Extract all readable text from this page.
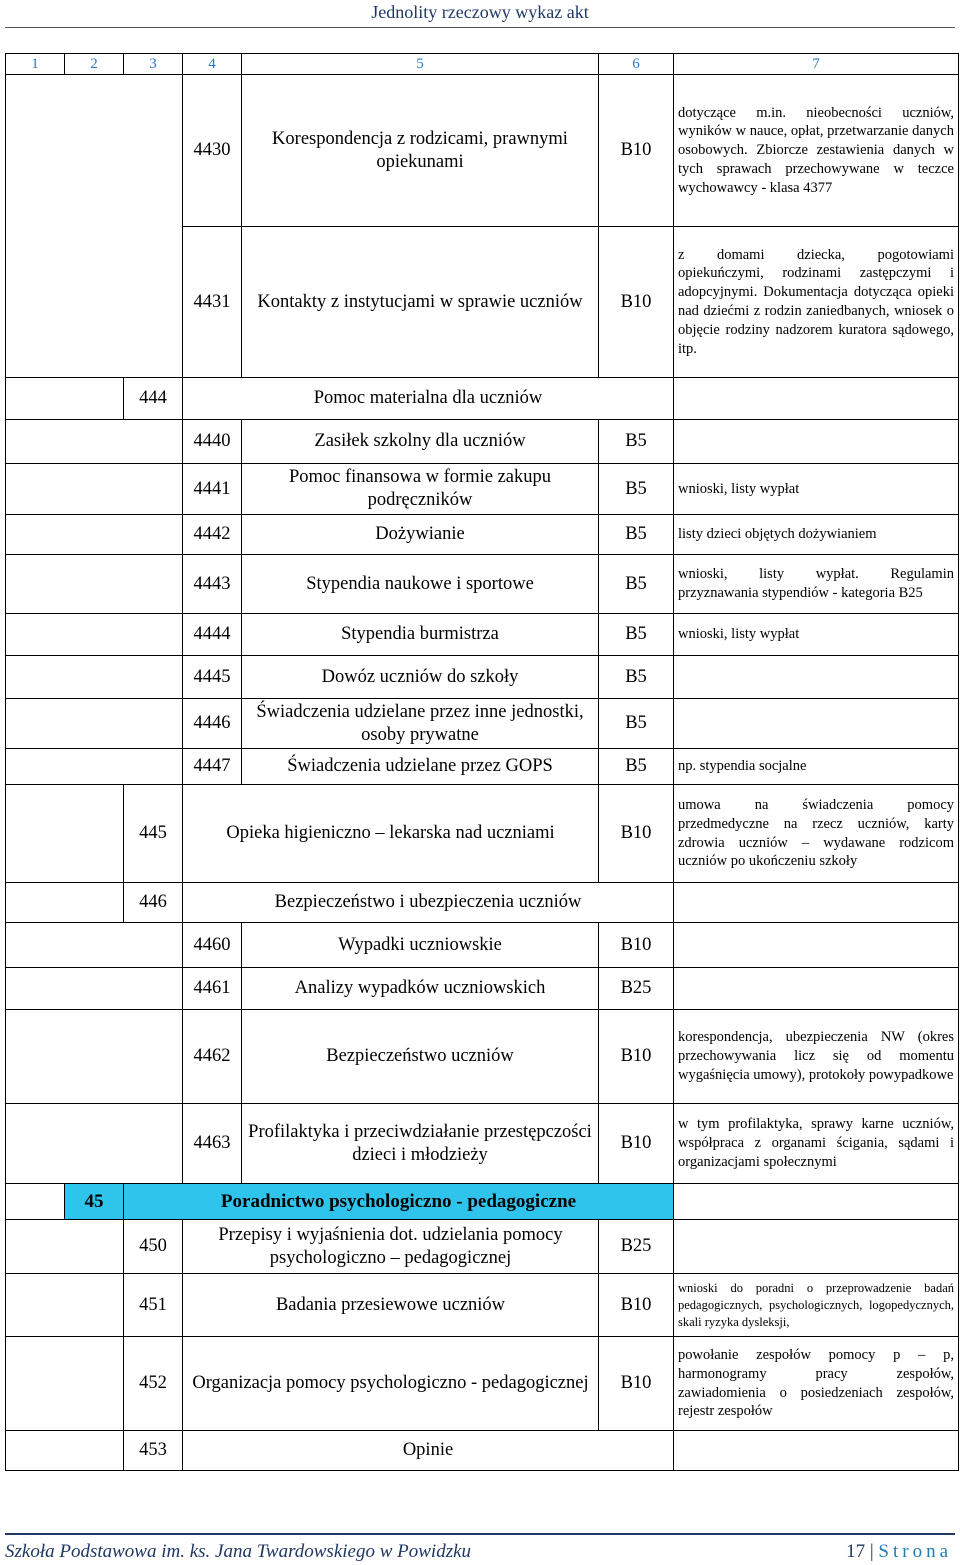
Jednolity rzeczowy wykaz akt
1	2	3	4	5	6	7
			4430	Korespondencja z rodzicami, prawnymi opiekunami	B10	dotyczące m.in. nieobecności uczniów, wyników w nauce, opłat, przetwarzanie danych osobowych. Zbiorcze zestawienia danych w tych sprawach przechowywane w teczce wychowawcy - klasa 4377
			4431	Kontakty z instytucjami w sprawie uczniów	B10	z domami dziecka, pogotowiami opiekuńczymi, rodzinami zastępczymi i adopcyjnymi. Dokumentacja dotycząca opieki nad dziećmi z rodzin zaniedbanych, wniosek o objęcie rodziny nadzorem kuratora sądowego, itp.
		444	Pomoc materialna dla uczniów			
			4440	Zasiłek szkolny dla uczniów	B5	
			4441	Pomoc finansowa w formie zakupu podręczników	B5	wnioski, listy wypłat
			4442	Dożywianie	B5	listy dzieci objętych dożywianiem
			4443	Stypendia naukowe i sportowe	B5	wnioski, listy wypłat. Regulamin przyznawania stypendiów - kategoria B25
			4444	Stypendia burmistrza	B5	wnioski, listy wypłat
			4445	Dowóz uczniów do szkoły	B5	
			4446	Świadczenia udzielane przez inne jednostki, osoby prywatne	B5	
			4447	Świadczenia udzielane przez GOPS	B5	np. stypendia socjalne
		445	Opieka higieniczno – lekarska nad uczniami		B10	umowa na świadczenia pomocy przedmedyczne na rzecz uczniów, karty zdrowia uczniów – wydawane rodzicom uczniów po ukończeniu szkoły
		446	Bezpieczeństwo i ubezpieczenia uczniów			
			4460	Wypadki uczniowskie	B10	
			4461	Analizy wypadków uczniowskich	B25	
			4462	Bezpieczeństwo uczniów	B10	korespondencja, ubezpieczenia NW (okres przechowywania licz się od momentu wygaśnięcia umowy), protokoły powypadkowe
			4463	Profilaktyka i przeciwdziałanie przestępczości dzieci i młodzieży	B10	w tym profilaktyka, sprawy karne uczniów, współpraca z organami ścigania, sądami i organizacjami społecznymi
	45	Poradnictwo psychologiczno - pedagogiczne				
		450	Przepisy i wyjaśnienia dot. udzielania pomocy psychologiczno – pedagogicznej		B25	
		451	Badania przesiewowe uczniów		B10	wnioski do poradni o przeprowadzenie badań pedagogicznych, psychologicznych, logopedycznych, skali ryzyka dysleksji,
		452	Organizacja pomocy psychologiczno - pedagogicznej		B10	powołanie zespołów pomocy p – p, harmonogramy pracy zespołów, zawiadomienia o posiedzeniach zespołów, rejestr zespołów
		453	Opinie			
Szkoła Podstawowa im. ks. Jana Twardowskiego w Powidzku	17 | Strona
